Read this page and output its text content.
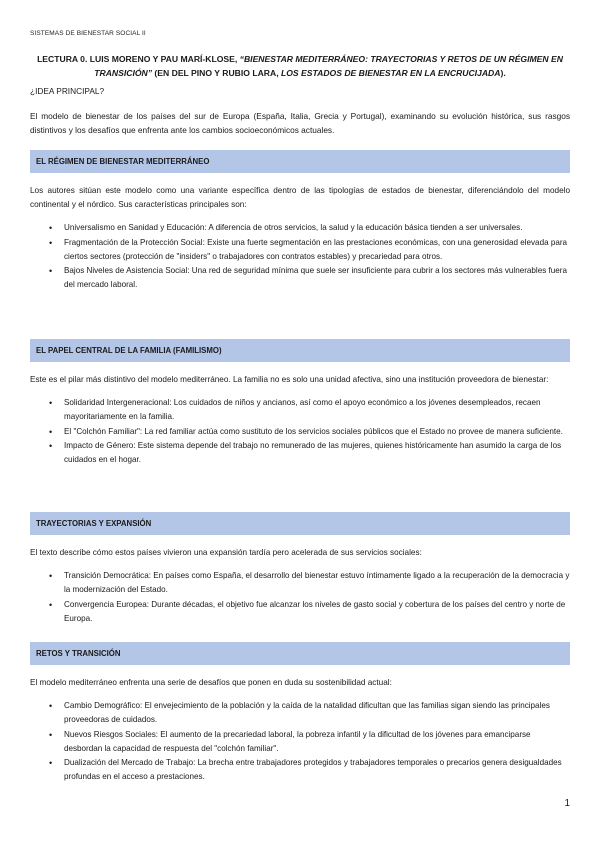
SISTEMAS DE BIENESTAR SOCIAL II
LECTURA 0. LUIS MORENO Y PAU MARÍ-KLOSE, “BIENESTAR MEDITERRÁNEO: TRAYECTORIAS Y RETOS DE UN RÉGIMEN EN TRANSICIÓN” (EN DEL PINO Y RUBIO LARA, LOS ESTADOS DE BIENESTAR EN LA ENCRUCIJADA).
¿IDEA PRINCIPAL?
El modelo de bienestar de los países del sur de Europa (España, Italia, Grecia y Portugal), examinando su evolución histórica, sus rasgos distintivos y los desafíos que enfrenta ante los cambios socioeconómicos actuales.
EL RÉGIMEN DE BIENESTAR MEDITERRÁNEO

Los autores sitúan este modelo como una variante específica dentro de las tipologías de estados de bienestar, diferenciándolo del modelo continental y el nórdico. Sus características principales son:

• Universalismo en Sanidad y Educación: A diferencia de otros servicios, la salud y la educación básica tienden a ser universales.
• Fragmentación de la Protección Social: Existe una fuerte segmentación en las prestaciones económicas, con una generosidad elevada para ciertos sectores (protección de "insiders" o trabajadores con contratos estables) y precariedad para otros.
• Bajos Niveles de Asistencia Social: Una red de seguridad mínima que suele ser insuficiente para cubrir a los sectores más vulnerables fuera del mercado laboral.
EL PAPEL CENTRAL DE LA FAMILIA (FAMILISMO)

Este es el pilar más distintivo del modelo mediterráneo. La familia no es solo una unidad afectiva, sino una institución proveedora de bienestar:

• Solidaridad Intergeneracional: Los cuidados de niños y ancianos, así como el apoyo económico a los jóvenes desempleados, recaen mayoritariamente en la familia.
• El "Colchón Familiar": La red familiar actúa como sustituto de los servicios sociales públicos que el Estado no provee de manera suficiente.
• Impacto de Género: Este sistema depende del trabajo no remunerado de las mujeres, quienes históricamente han asumido la carga de los cuidados en el hogar.
TRAYECTORIAS Y EXPANSIÓN

El texto describe cómo estos países vivieron una expansión tardía pero acelerada de sus servicios sociales:

• Transición Democrática: En países como España, el desarrollo del bienestar estuvo íntimamente ligado a la recuperación de la democracia y la modernización del Estado.
• Convergencia Europea: Durante décadas, el objetivo fue alcanzar los niveles de gasto social y cobertura de los países del centro y norte de Europa.
RETOS Y TRANSICIÓN

El modelo mediterráneo enfrenta una serie de desafíos que ponen en duda su sostenibilidad actual:

• Cambio Demográfico: El envejecimiento de la población y la caída de la natalidad dificultan que las familias sigan siendo las principales proveedoras de cuidados.
• Nuevos Riesgos Sociales: El aumento de la precariedad laboral, la pobreza infantil y la dificultad de los jóvenes para emanciparse desbordan la capacidad de respuesta del "colchón familiar".
• Dualización del Mercado de Trabajo: La brecha entre trabajadores protegidos y trabajadores temporales o precarios genera desigualdades profundas en el acceso a prestaciones.
1
